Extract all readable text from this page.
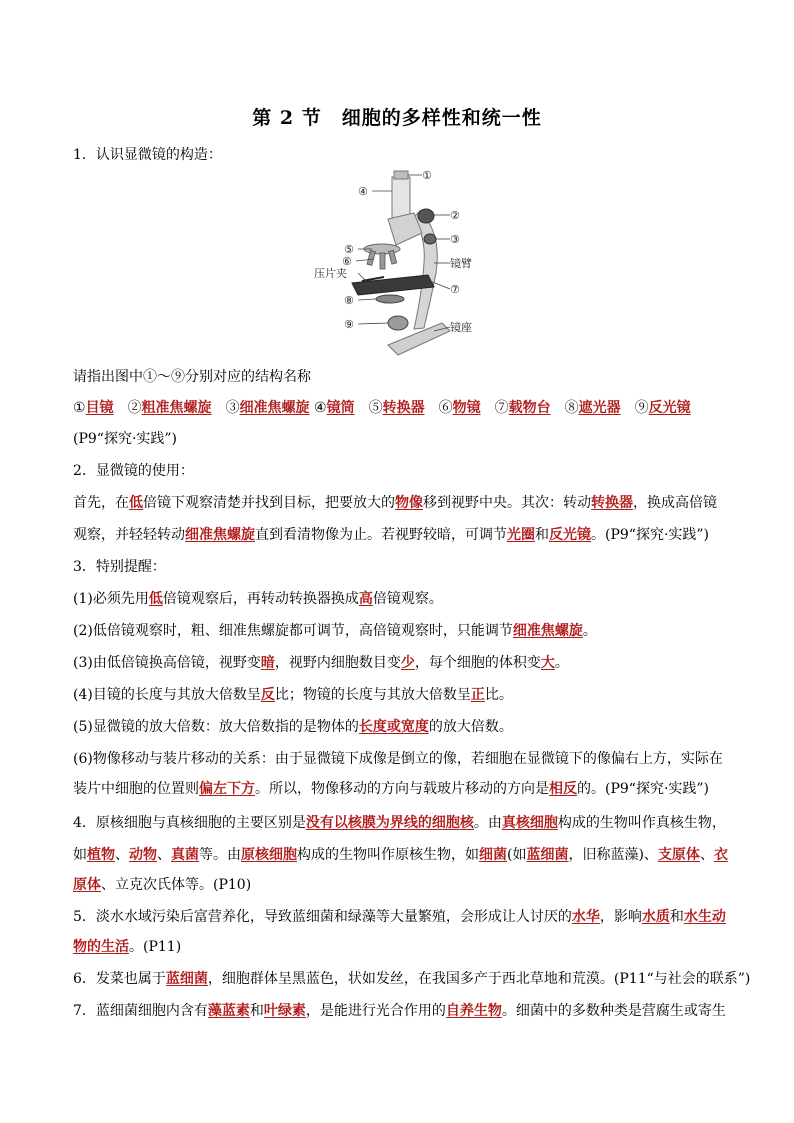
第 2 节　细胞的多样性和统一性
1．认识显微镜的构造：
①
④
②
③
⑤
⑥	镜臂
压片夹
⑦
⑧
⑨	镜座
请指出图中①～⑨分别对应的结构名称
①目镜　 ②粗准焦螺旋　 ③细准焦螺旋 ④镜筒　 ⑤转换器　 ⑥物镜　 ⑦载物台　 ⑧遮光器　 ⑨反光镜
(P9“探究·实践”)
2．显微镜的使用：
首先，在低倍镜下观察清楚并找到目标，把要放大的物像移到视野中央。其次：转动转换器，换成高倍镜
观察，并轻轻转动细准焦螺旋直到看清物像为止。若视野较暗，可调节光圈和反光镜。(P9“探究·实践”)
3．特别提醒：
(1)必须先用低倍镜观察后，再转动转换器换成高倍镜观察。
(2)低倍镜观察时，粗、细准焦螺旋都可调节，高倍镜观察时，只能调节细准焦螺旋。
(3)由低倍镜换高倍镜，视野变暗，视野内细胞数目变少，每个细胞的体积变大。
(4)目镜的长度与其放大倍数呈反比；物镜的长度与其放大倍数呈正比。
(5)显微镜的放大倍数：放大倍数指的是物体的长度或宽度的放大倍数。
(6)物像移动与装片移动的关系：由于显微镜下成像是倒立的像，若细胞在显微镜下的像偏右上方，实际在
装片中细胞的位置则偏左下方。所以，物像移动的方向与载玻片移动的方向是相反的。(P9“探究·实践”)
4．原核细胞与真核细胞的主要区别是没有以核膜为界线的细胞核。由真核细胞构成的生物叫作真核生物，
如植物、动物、真菌等。由原核细胞构成的生物叫作原核生物，如细菌(如蓝细菌，旧称蓝藻)、支原体、衣
原体、立克次氏体等。(P10)
5．淡水水域污染后富营养化，导致蓝细菌和绿藻等大量繁殖，会形成让人讨厌的水华，影响水质和水生动
物的生活。(P11)
6．发菜也属于蓝细菌，细胞群体呈黑蓝色，状如发丝，在我国多产于西北草地和荒漠。(P11“与社会的联系”)
7．蓝细菌细胞内含有藻蓝素和叶绿素，是能进行光合作用的自养生物。细菌中的多数种类是营腐生或寄生
